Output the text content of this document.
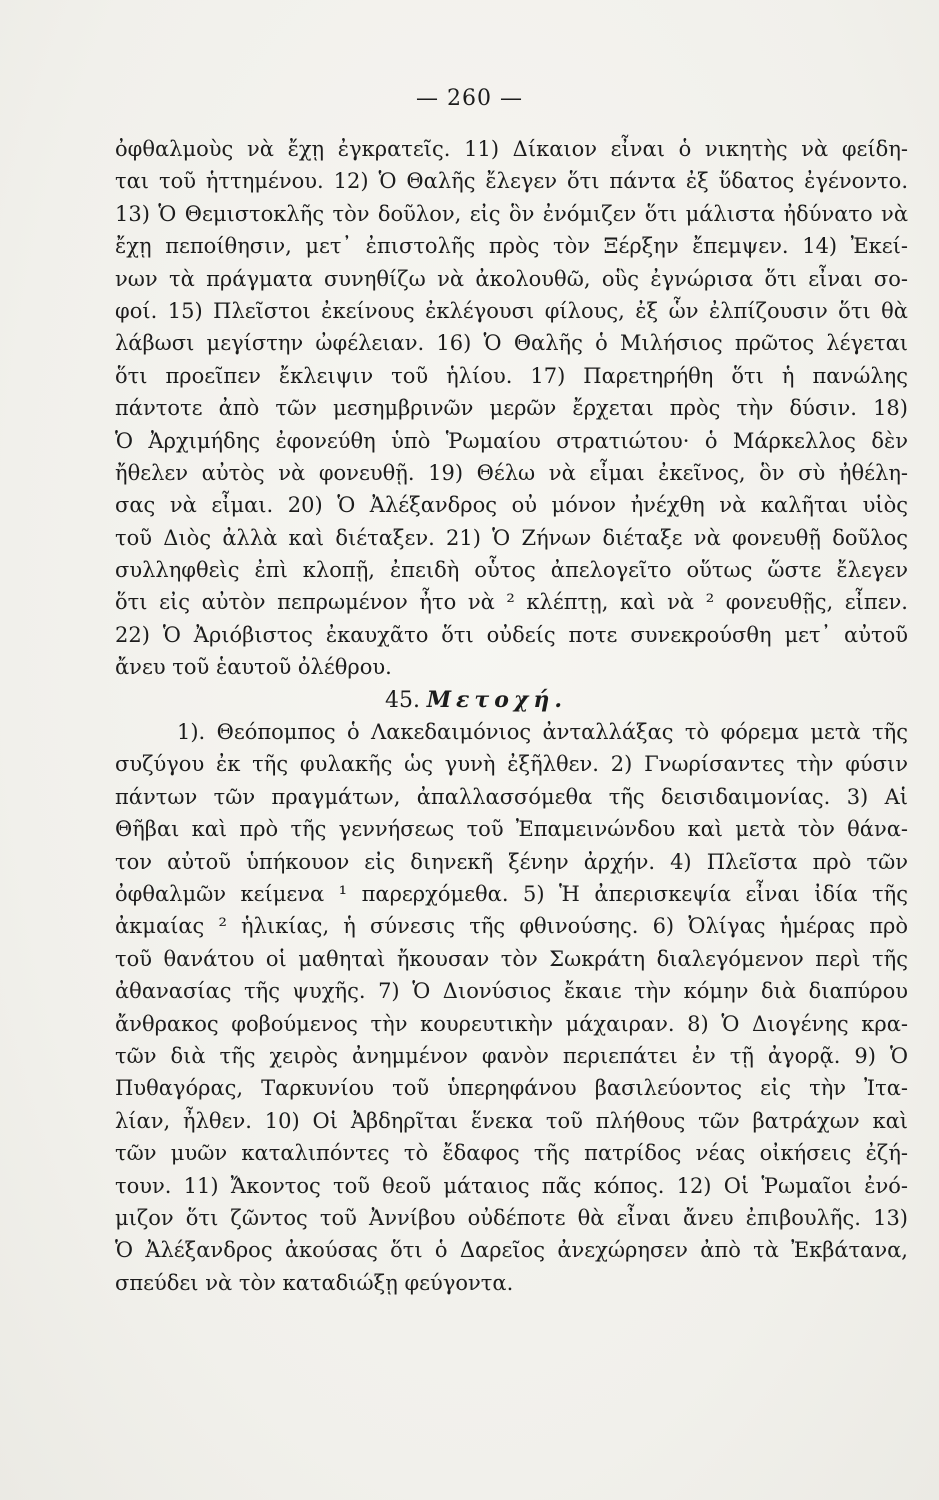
— 260 —
ὀφθαλμοὺς νὰ ἔχῃ ἐγκρατεῖς. 11) Δίκαιον εἶναι ὁ νικητὴς νὰ φείδη-
ται τοῦ ἡττημένου. 12) Ὁ Θαλῆς ἔλεγεν ὅτι πάντα ἐξ ὕδατος ἐγένοντο.
13) Ὁ Θεμιστοκλῆς τὸν δοῦλον, εἰς ὃν ἐνόμιζεν ὅτι μάλιστα ἠδύνατο νὰ
ἔχῃ πεποίθησιν, μετ᾽ ἐπιστολῆς πρὸς τὸν Ξέρξην ἔπεμψεν. 14) Ἐκεί-
νων τὰ πράγματα συνηθίζω νὰ ἀκολουθῶ, οὓς ἐγνώρισα ὅτι εἶναι σο-
φοί. 15) Πλεῖστοι ἐκείνους ἐκλέγουσι φίλους, ἐξ ὧν ἐλπίζουσιν ὅτι θὰ
λάβωσι μεγίστην ὠφέλειαν. 16) Ὁ Θαλῆς ὁ Μιλήσιος πρῶτος λέγεται
ὅτι προεῖπεν ἔκλειψιν τοῦ ἡλίου. 17) Παρετηρήθη ὅτι ἡ πανώλης
πάντοτε ἀπὸ τῶν μεσημβρινῶν μερῶν ἔρχεται πρὸς τὴν δύσιν. 18)
Ὁ Ἀρχιμήδης ἐφονεύθη ὑπὸ Ῥωμαίου στρατιώτου· ὁ Μάρκελλος δὲν
ἤθελεν αὐτὸς νὰ φονευθῇ. 19) Θέλω νὰ εἶμαι ἐκεῖνος, ὃν σὺ ἠθέλη-
σας νὰ εἶμαι. 20) Ὁ Ἀλέξανδρος οὐ μόνον ἠνέχθη νὰ καλῆται υἱὸς
τοῦ Διὸς ἀλλὰ καὶ διέταξεν. 21) Ὁ Ζήνων διέταξε νὰ φονευθῇ δοῦλος
συλληφθεὶς ἐπὶ κλοπῇ, ἐπειδὴ οὗτος ἀπελογεῖτο οὕτως ὥστε ἔλεγεν
ὅτι εἰς αὐτὸν πεπρωμένον ἦτο νὰ ² κλέπτῃ, καὶ νὰ ² φονευθῇς, εἶπεν.
22) Ὁ Ἀριόβιστος ἐκαυχᾶτο ὅτι οὐδείς ποτε συνεκρούσθη μετ᾽ αὐτοῦ
ἄνευ τοῦ ἑαυτοῦ ὀλέθρου.
45. Μετοχή.
1). Θεόπομπος ὁ Λακεδαιμόνιος ἀνταλλάξας τὸ φόρεμα μετὰ τῆς
συζύγου ἐκ τῆς φυλακῆς ὡς γυνὴ ἐξῆλθεν. 2) Γνωρίσαντες τὴν φύσιν
πάντων τῶν πραγμάτων, ἀπαλλασσόμεθα τῆς δεισιδαιμονίας. 3) Αἱ
Θῆβαι καὶ πρὸ τῆς γεννήσεως τοῦ Ἐπαμεινώνδου καὶ μετὰ τὸν θάνα-
τον αὐτοῦ ὑπήκουον εἰς διηνεκῆ ξένην ἀρχήν. 4) Πλεῖστα πρὸ τῶν
ὀφθαλμῶν κείμενα ¹ παρερχόμεθα. 5) Ἡ ἀπερισκεψία εἶναι ἰδία τῆς
ἀκμαίας ² ἡλικίας, ἡ σύνεσις τῆς φθινούσης. 6) Ὀλίγας ἡμέρας πρὸ
τοῦ θανάτου οἱ μαθηταὶ ἤκουσαν τὸν Σωκράτη διαλεγόμενον περὶ τῆς
ἀθανασίας τῆς ψυχῆς. 7) Ὁ Διονύσιος ἔκαιε τὴν κόμην διὰ διαπύρου
ἄνθρακος φοβούμενος τὴν κουρευτικὴν μάχαιραν. 8) Ὁ Διογένης κρα-
τῶν διὰ τῆς χειρὸς ἀνημμένον φανὸν περιεπάτει ἐν τῇ ἀγορᾷ. 9) Ὁ
Πυθαγόρας, Ταρκυνίου τοῦ ὑπερηφάνου βασιλεύοντος εἰς τὴν Ἰτα-
λίαν, ἦλθεν. 10) Οἱ Ἀβδηρῖται ἕνεκα τοῦ πλήθους τῶν βατράχων καὶ
τῶν μυῶν καταλιπόντες τὸ ἔδαφος τῆς πατρίδος νέας οἰκήσεις ἐζή-
τουν. 11) Ἄκοντος τοῦ θεοῦ μάταιος πᾶς κόπος. 12) Οἱ Ῥωμαῖοι ἐνό-
μιζον ὅτι ζῶντος τοῦ Ἀννίβου οὐδέποτε θὰ εἶναι ἄνευ ἐπιβουλῆς. 13)
Ὁ Ἀλέξανδρος ἀκούσας ὅτι ὁ Δαρεῖος ἀνεχώρησεν ἀπὸ τὰ Ἐκβάτανα,
σπεύδει νὰ τὸν καταδιώξῃ φεύγοντα.
